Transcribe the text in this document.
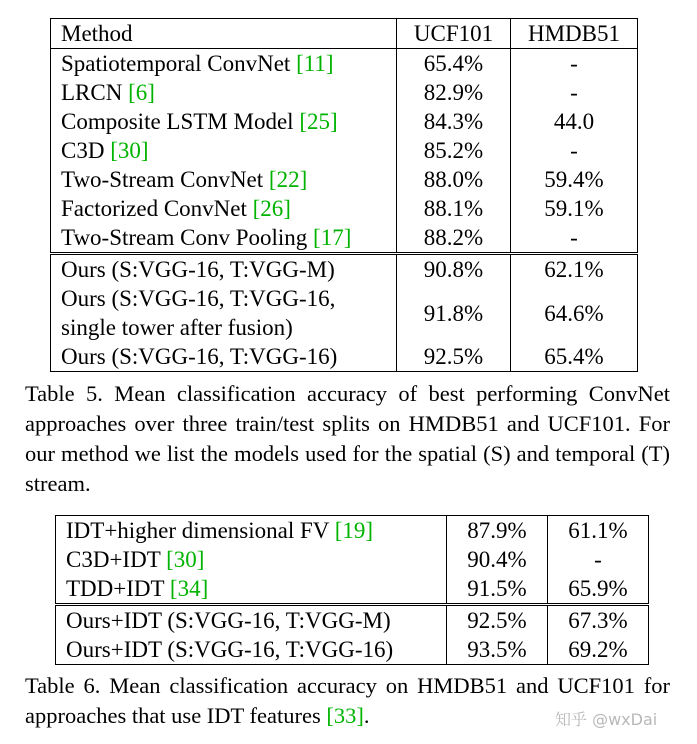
Method	UCF101	HMDB51
Spatiotemporal ConvNet [11]	65.4%	-
LRCN [6]	82.9%	-
Composite LSTM Model [25]	84.3%	44.0
C3D [30]	85.2%	-
Two-Stream ConvNet [22]	88.0%	59.4%
Factorized ConvNet [26]	88.1%	59.1%
Two-Stream Conv Pooling [17]	88.2%	-
Ours (S:VGG-16, T:VGG-M)	90.8%	62.1%

Ours (S:VGG-16, T:VGG-16,
single tower after fusion)	91.8%	64.6%
Ours (S:VGG-16, T:VGG-16)	92.5%	65.4%

Table 5. Mean classification accuracy of best performing ConvNet approaches over three train/test splits on HMDB51 and UCF101. For our method we list the models used for the spatial (S) and temporal (T) stream.

IDT+higher dimensional FV [19]	87.9%	61.1%
C3D+IDT [30]	90.4%	-
TDD+IDT [34]	91.5%	65.9%
Ours+IDT (S:VGG-16, T:VGG-M)	92.5%	67.3%
Ours+IDT (S:VGG-16, T:VGG-16)	93.5%	69.2%

Table 6. Mean classification accuracy on HMDB51 and UCF101 for approaches that use IDT features [33].	知乎 @wxDai
